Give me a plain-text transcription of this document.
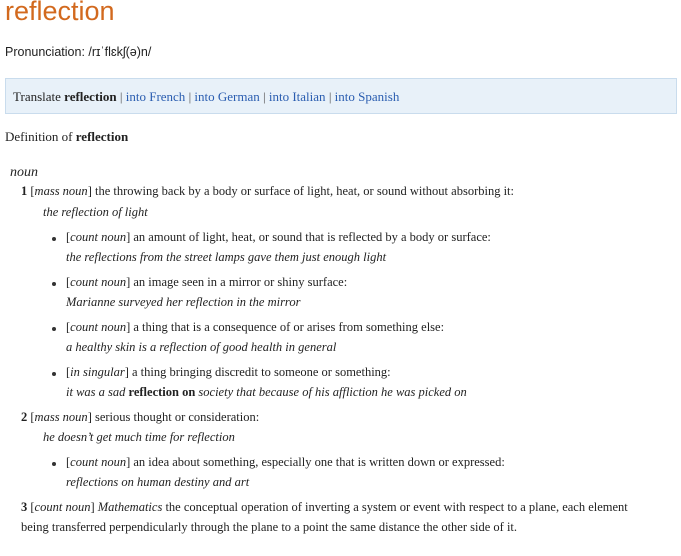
reflection
Pronunciation: /rɪˈflɛkʃ(ə)n/
Translate reflection | into French | into German | into Italian | into Spanish
Definition of reflection
noun
1 [mass noun] the throwing back by a body or surface of light, heat, or sound without absorbing it:
the reflection of light
[count noun] an amount of light, heat, or sound that is reflected by a body or surface:
the reflections from the street lamps gave them just enough light
[count noun] an image seen in a mirror or shiny surface:
Marianne surveyed her reflection in the mirror
[count noun] a thing that is a consequence of or arises from something else:
a healthy skin is a reflection of good health in general
[in singular] a thing bringing discredit to someone or something:
it was a sad reflection on society that because of his affliction he was picked on
2 [mass noun] serious thought or consideration:
he doesn’t get much time for reflection
[count noun] an idea about something, especially one that is written down or expressed:
reflections on human destiny and art
3 [count noun] Mathematics the conceptual operation of inverting a system or event with respect to a plane, each element
being transferred perpendicularly through the plane to a point the same distance the other side of it.
